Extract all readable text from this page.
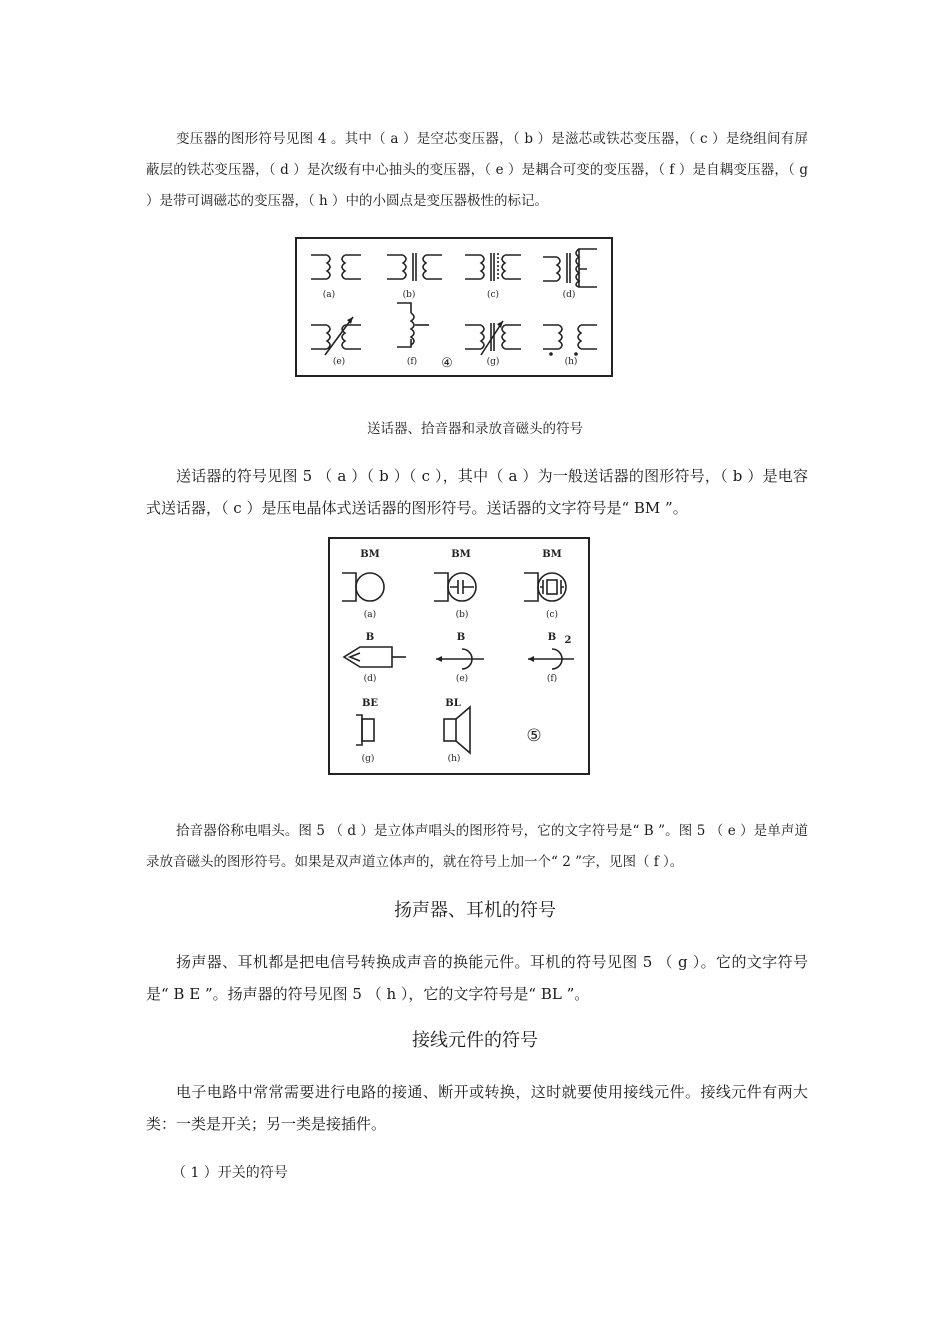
变压器的图形符号见图 4 。其中（ a ）是空芯变压器，（ b ）是滋芯或铁芯变压器，（ c ）是绕组间有屏蔽层的铁芯变压器，（ d ）是次级有中心抽头的变压器，（ e ）是耦合可变的变压器，（ f ）是自耦变压器，（ g ）是带可调磁芯的变压器，（ h ）中的小圆点是变压器极性的标记。

(a)	(b)	(c)	(d)
(e)	(f)	(g)	(h)
④

送话器、拾音器和录放音磁头的符号

送话器的符号见图 5 （ a ）（ b ）（ c ），其中（ a ）为一般送话器的图形符号，（ b ）是电容式送话器，（ c ）是压电晶体式送话器的图形符号。送话器的文字符号是“ BM ”。

BM	BM	BM
(a)	(b)	(c)
B	B	B 2
(d)	(e)	(f)
BE	BL
(g)	(h)
⑤

拾音器俗称电唱头。图 5 （ d ）是立体声唱头的图形符号，它的文字符号是“ B ”。图 5 （ e ）是单声道录放音磁头的图形符号。如果是双声道立体声的，就在符号上加一个“ 2 ”字，见图（ f ）。

扬声器、耳机的符号

扬声器、耳机都是把电信号转换成声音的换能元件。耳机的符号见图 5 （ g ）。它的文字符号是“ B E ”。扬声器的符号见图 5 （ h ），它的文字符号是“ BL ”。

接线元件的符号

电子电路中常常需要进行电路的接通、断开或转换，这时就要使用接线元件。接线元件有两大类：一类是开关；另一类是接插件。

（ 1 ）开关的符号
